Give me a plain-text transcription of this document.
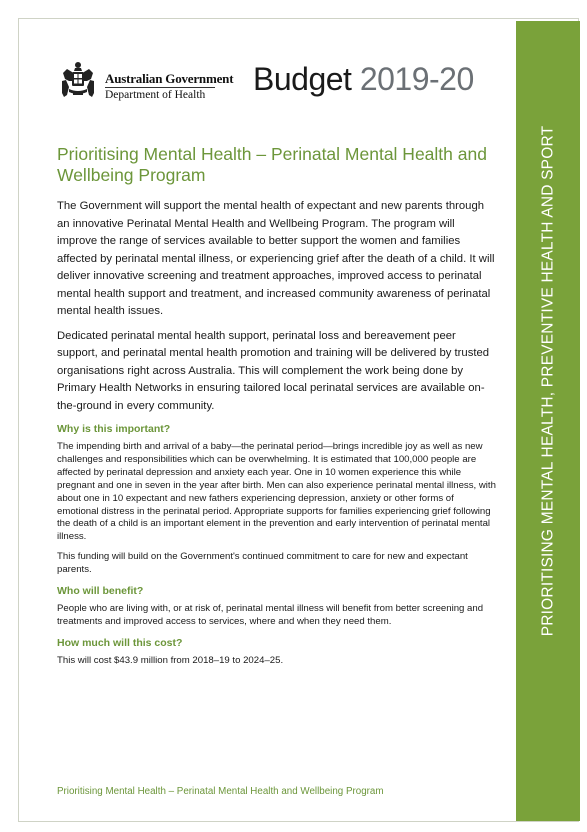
Australian Government
Department of Health Budget 2019-20
Prioritising Mental Health – Perinatal Mental Health and Wellbeing Program

The Government will support the mental health of expectant and new parents through an innovative Perinatal Mental Health and Wellbeing Program. The program will improve the range of services available to better support the women and families affected by perinatal mental illness, or experiencing grief after the death of a child. It will deliver innovative screening and treatment approaches, improved access to perinatal mental health support and treatment, and increased community awareness of perinatal mental health issues.

Dedicated perinatal mental health support, perinatal loss and bereavement peer support, and perinatal mental health promotion and training will be delivered by trusted organisations right across Australia. This will complement the work being done by Primary Health Networks in ensuring tailored local perinatal services are available on-the-ground in every community.

Why is this important?

The impending birth and arrival of a baby—the perinatal period—brings incredible joy as well as new challenges and responsibilities which can be overwhelming. It is estimated that 100,000 people are affected by perinatal depression and anxiety each year. One in 10 women experience this while pregnant and one in seven in the year after birth. Men can also experience perinatal mental illness, with about one in 10 expectant and new fathers experiencing depression, anxiety or other forms of emotional distress in the perinatal period. Appropriate supports for families experiencing grief following the death of a child is an important element in the prevention and early intervention of perinatal mental illness.

This funding will build on the Government's continued commitment to care for new and expectant parents.

Who will benefit?

People who are living with, or at risk of, perinatal mental illness will benefit from better screening and treatments and improved access to services, where and when they need them.

How much will this cost?

This will cost $43.9 million from 2018–19 to 2024–25.

Prioritising Mental Health – Perinatal Mental Health and Wellbeing Program
PRIORITISING MENTAL HEALTH, PREVENTIVE HEALTH AND SPORT
